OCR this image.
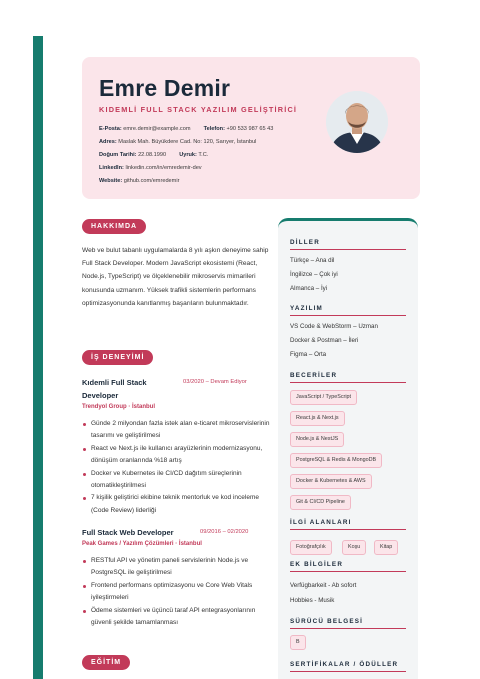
Emre Demir
KIDEMLİ FULL STACK YAZILIM GELİŞTİRİCİ
E-Posta: emre.demir@example.com Telefon: +90 533 987 65 43
Adres: Maslak Mah. Büyükdere Cad. No: 120, Sarıyer, İstanbul
Doğum Tarihi: 22.08.1990 Uyruk: T.C.
LinkedIn: linkedin.com/in/emredemir-dev
Website: github.com/emredemir
HAKKIMDA
Web ve bulut tabanlı uygulamalarda 8 yılı aşkın deneyime sahip Full Stack Developer. Modern JavaScript ekosistemi (React, Node.js, TypeScript) ve ölçeklenebilir mikroservis mimarileri konusunda uzmanım. Yüksek trafikli sistemlerin performans optimizasyonunda kanıtlanmış başarıların bulunmaktadır.
İŞ DENEYİMİ
Kıdemli Full Stack Developer
03/2020 – Devam Ediyor
Trendyol Group · İstanbul
Günde 2 milyondan fazla istek alan e-ticaret mikroservislerinin tasarımı ve geliştirilmesi
React ve Next.js ile kullanıcı arayüzlerinin modernizasyonu, dönüşüm oranlarında %18 artış
Docker ve Kubernetes ile CI/CD dağıtım süreçlerinin otomatikleştirilmesi
7 kişilik geliştirici ekibine teknik mentorluk ve kod inceleme (Code Review) liderliği
Full Stack Web Developer	09/2016 – 02/2020
Peak Games / Yazılım Çözümleri · İstanbul
RESTful API ve yönetim paneli servislerinin Node.js ve PostgreSQL ile geliştirilmesi
Frontend performans optimizasyonu ve Core Web Vitals iyileştirmeleri
Ödeme sistemleri ve üçüncü taraf API entegrasyonlarının güvenli şekilde tamamlanması
EĞİTİM
DİLLER
Türkçe – Ana dil
İngilizce – Çok iyi
Almanca – İyi
YAZILIM
VS Code & WebStorm – Uzman
Docker & Postman – İleri
Figma – Orta
BECERİLER
JavaScript / TypeScript
React.js & Next.js
Node.js & NestJS
PostgreSQL & Redis & MongoDB
Docker & Kubernetes & AWS
Git & CI/CD Pipeline
İLGİ ALANLARI
Fotoğrafçılık	Koşu	Kitap
EK BİLGİLER
Verfügbarkeit - Ab sofort
Hobbies - Musik
SÜRÜCÜ BELGESİ
B
SERTİFİKALAR / ÖDÜLLER
